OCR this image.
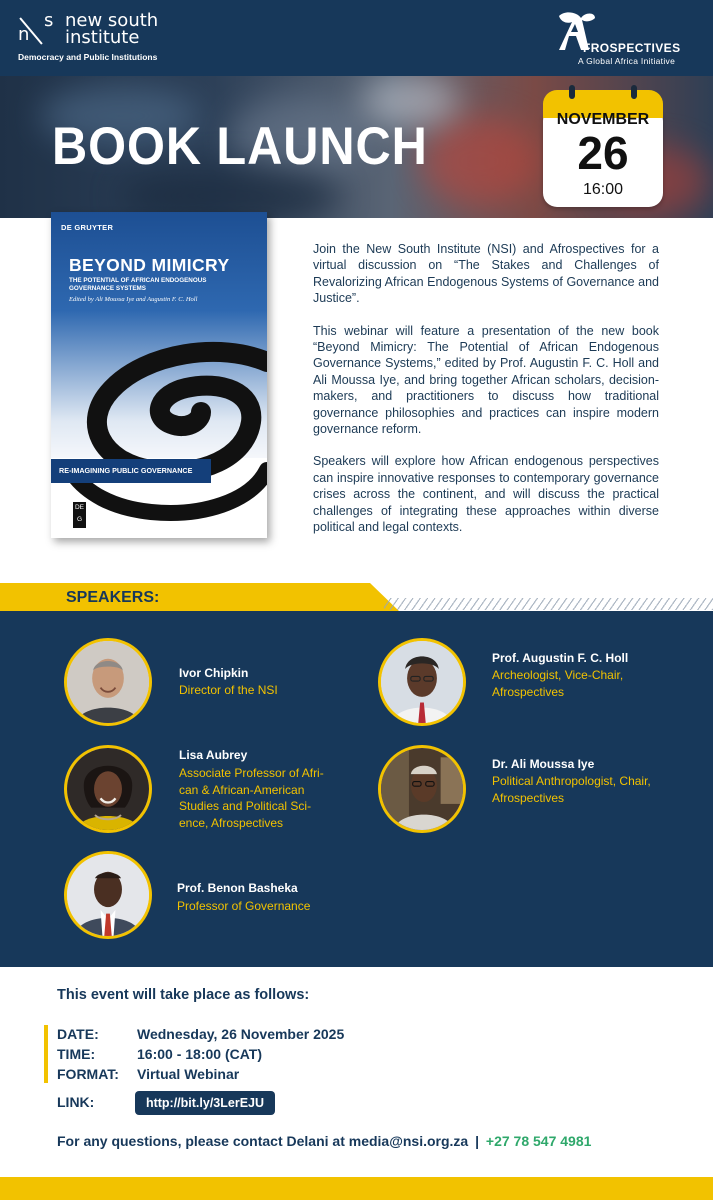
n
s new south institute
Democracy and Public Institutions
FROSPECTIVES
A Global Africa Initiative
BOOK LAUNCH	NOVEMBER
26
16:00
DE GRUYTER
BEYOND MIMICRY
THE POTENTIAL OF AFRICAN ENDOGENOUS GOVERNANCE SYSTEMS
Edited by Ali Moussa Iye and Augustin F. C. Holl
RE-IMAGINING PUBLIC GOVERNANCE
DE
G

Join the New South Institute (NSI) and Afrospectives for a virtual discussion on “The Stakes and Challenges of Revalorizing African Endogenous Systems of Governance and Justice”.

This webinar will feature a presentation of the new book “Beyond Mimicry: The Potential of African Endogenous Governance Systems,” edited by Prof. Augustin F. C. Holl and Ali Moussa Iye, and bring together African scholars, decision-makers, and practitioners to discuss how traditional governance philosophies and practices can inspire modern governance reform.

Speakers will explore how African endogenous perspectives can inspire innovative responses to contemporary governance crises across the continent, and will discuss the practical challenges of integrating these approaches within diverse political and legal contexts.

SPEAKERS:
Ivor Chipkin
Director of the NSI
Prof. Augustin F. C. Holl
Archeologist, Vice-Chair, Afrospectives
Lisa Aubrey
Associate Professor of Afri-can & African-American Studies and Political Sci-ence, Afrospectives
Dr. Ali Moussa Iye
Political Anthropologist, Chair, Afrospectives
Prof. Benon Basheka
Professor of Governance
This event will take place as follows:
DATE:	Wednesday, 26 November 2025
TIME:	16:00 - 18:00 (CAT)
FORMAT: Virtual Webinar
LINK:	http://bit.ly/3LerEJU
For any questions, please contact Delani at media@nsi.org.za | +27 78 547 4981
